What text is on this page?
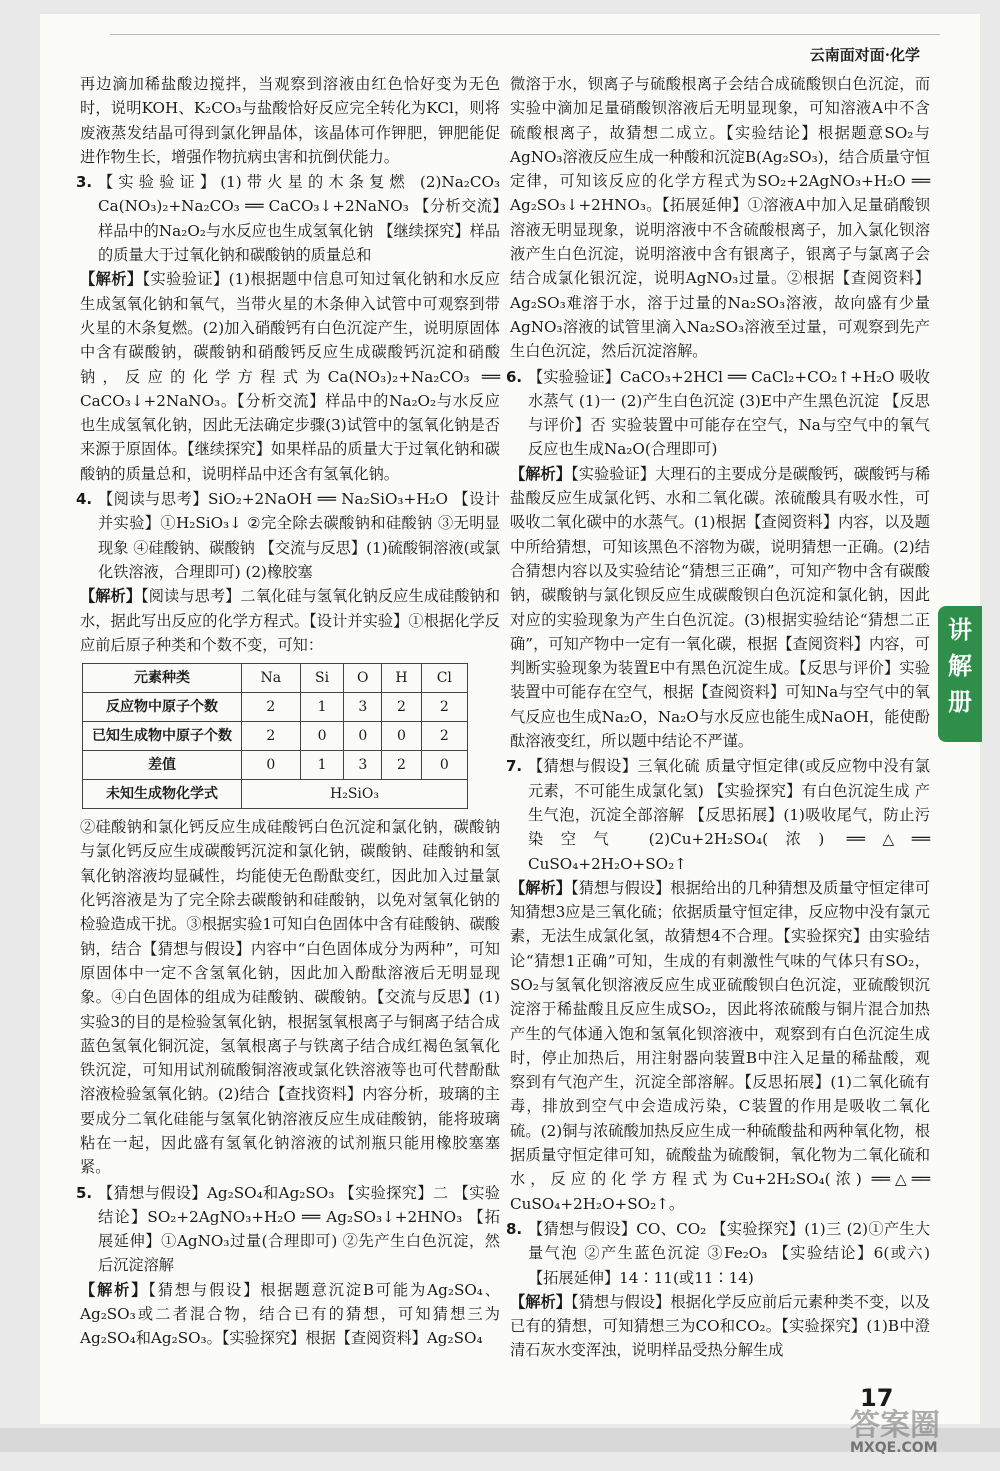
云南面对面·化学

再边滴加稀盐酸边搅拌，当观察到溶液由红色恰好变为无色时，说明KOH、K₂CO₃与盐酸恰好反应完全转化为KCl，则将废液蒸发结晶可得到氯化钾晶体，该晶体可作钾肥，钾肥能促进作物生长，增强作物抗病虫害和抗倒伏能力。

3. 【实验验证】(1)带火星的木条复燃 (2)Na₂CO₃ Ca(NO₃)₂+Na₂CO₃ ══ CaCO₃↓+2NaNO₃ 【分析交流】样品中的Na₂O₂与水反应也生成氢氧化钠 【继续探究】样品的质量大于过氧化钠和碳酸钠的质量总和

【解析】【实验验证】(1)根据题中信息可知过氧化钠和水反应生成氢氧化钠和氧气，当带火星的木条伸入试管中可观察到带火星的木条复燃。(2)加入硝酸钙有白色沉淀产生，说明原固体中含有碳酸钠，碳酸钠和硝酸钙反应生成碳酸钙沉淀和硝酸钠，反应的化学方程式为Ca(NO₃)₂+Na₂CO₃ ══ CaCO₃↓+2NaNO₃。【分析交流】样品中的Na₂O₂与水反应也生成氢氧化钠，因此无法确定步骤(3)试管中的氢氧化钠是否来源于原固体。【继续探究】如果样品的质量大于过氧化钠和碳酸钠的质量总和，说明样品中还含有氢氧化钠。

4. 【阅读与思考】SiO₂+2NaOH ══ Na₂SiO₃+H₂O 【设计并实验】①H₂SiO₃↓ ②完全除去碳酸钠和硅酸钠 ③无明显现象 ④硅酸钠、碳酸钠 【交流与反思】(1)硫酸铜溶液(或氯化铁溶液，合理即可) (2)橡胶塞

【解析】【阅读与思考】二氧化硅与氢氧化钠反应生成硅酸钠和水，据此写出反应的化学方程式。【设计并实验】①根据化学反应前后原子种类和个数不变，可知：

元素种类	Na	Si	O	H	Cl
反应物中原子个数	2	1	3	2	2
已知生成物中原子个数	2	0	0	0	2
差值	0	1	3	2	0
未知生成物化学式	H₂SiO₃				

②硅酸钠和氯化钙反应生成硅酸钙白色沉淀和氯化钠，碳酸钠与氯化钙反应生成碳酸钙沉淀和氯化钠，碳酸钠、硅酸钠和氢氧化钠溶液均显碱性，均能使无色酚酞变红，因此加入过量氯化钙溶液是为了完全除去碳酸钠和硅酸钠，以免对氢氧化钠的检验造成干扰。③根据实验1可知白色固体中含有硅酸钠、碳酸钠，结合【猜想与假设】内容中“白色固体成分为两种”，可知原固体中一定不含氢氧化钠，因此加入酚酞溶液后无明显现象。④白色固体的组成为硅酸钠、碳酸钠。【交流与反思】(1)实验3的目的是检验氢氧化钠，根据氢氧根离子与铜离子结合成蓝色氢氧化铜沉淀，氢氧根离子与铁离子结合成红褐色氢氧化铁沉淀，可知用试剂硫酸铜溶液或氯化铁溶液等也可代替酚酞溶液检验氢氧化钠。(2)结合【查找资料】内容分析，玻璃的主要成分二氧化硅能与氢氧化钠溶液反应生成硅酸钠，能将玻璃粘在一起，因此盛有氢氧化钠溶液的试剂瓶只能用橡胶塞塞紧。

5. 【猜想与假设】Ag₂SO₄和Ag₂SO₃ 【实验探究】二 【实验结论】SO₂+2AgNO₃+H₂O ══ Ag₂SO₃↓+2HNO₃ 【拓展延伸】①AgNO₃过量(合理即可) ②先产生白色沉淀，然后沉淀溶解

【解析】【猜想与假设】根据题意沉淀B可能为Ag₂SO₄、Ag₂SO₃或二者混合物，结合已有的猜想，可知猜想三为Ag₂SO₄和Ag₂SO₃。【实验探究】根据【查阅资料】Ag₂SO₄

微溶于水，钡离子与硫酸根离子会结合成硫酸钡白色沉淀，而实验中滴加足量硝酸钡溶液后无明显现象，可知溶液A中不含硫酸根离子，故猜想二成立。【实验结论】根据题意SO₂与AgNO₃溶液反应生成一种酸和沉淀B(Ag₂SO₃)，结合质量守恒定律，可知该反应的化学方程式为SO₂+2AgNO₃+H₂O ══ Ag₂SO₃↓+2HNO₃。【拓展延伸】①溶液A中加入足量硝酸钡溶液无明显现象，说明溶液中不含硫酸根离子，加入氯化钡溶液产生白色沉淀，说明溶液中含有银离子，银离子与氯离子会结合成氯化银沉淀，说明AgNO₃过量。②根据【查阅资料】Ag₂SO₃难溶于水，溶于过量的Na₂SO₃溶液，故向盛有少量AgNO₃溶液的试管里滴入Na₂SO₃溶液至过量，可观察到先产生白色沉淀，然后沉淀溶解。

6. 【实验验证】CaCO₃+2HCl ══ CaCl₂+CO₂↑+H₂O 吸收水蒸气 (1)一 (2)产生白色沉淀 (3)E中产生黑色沉淀 【反思与评价】否 实验装置中可能存在空气，Na与空气中的氧气反应也生成Na₂O(合理即可)

【解析】【实验验证】大理石的主要成分是碳酸钙，碳酸钙与稀盐酸反应生成氯化钙、水和二氧化碳。浓硫酸具有吸水性，可吸收二氧化碳中的水蒸气。(1)根据【查阅资料】内容，以及题中所给猜想，可知该黑色不溶物为碳，说明猜想一正确。(2)结合猜想内容以及实验结论“猜想三正确”，可知产物中含有碳酸钠，碳酸钠与氯化钡反应生成碳酸钡白色沉淀和氯化钠，因此对应的实验现象为产生白色沉淀。(3)根据实验结论“猜想二正确”，可知产物中一定有一氧化碳，根据【查阅资料】内容，可判断实验现象为装置E中有黑色沉淀生成。【反思与评价】实验装置中可能存在空气，根据【查阅资料】可知Na与空气中的氧气反应也生成Na₂O，Na₂O与水反应也能生成NaOH，能使酚酞溶液变红，所以题中结论不严谨。

7. 【猜想与假设】三氧化硫 质量守恒定律(或反应物中没有氯元素，不可能生成氯化氢) 【实验探究】有白色沉淀生成 产生气泡，沉淀全部溶解 【反思拓展】(1)吸收尾气，防止污染空气 (2)Cu+2H₂SO₄(浓) ══△══ CuSO₄+2H₂O+SO₂↑

【解析】【猜想与假设】根据给出的几种猜想及质量守恒定律可知猜想3应是三氧化硫；依据质量守恒定律，反应物中没有氯元素，无法生成氯化氢，故猜想4不合理。【实验探究】由实验结论“猜想1正确”可知，生成的有刺激性气味的气体只有SO₂，SO₂与氢氧化钡溶液反应生成亚硫酸钡白色沉淀，亚硫酸钡沉淀溶于稀盐酸且反应生成SO₂，因此将浓硫酸与铜片混合加热产生的气体通入饱和氢氧化钡溶液中，观察到有白色沉淀生成时，停止加热后，用注射器向装置B中注入足量的稀盐酸，观察到有气泡产生，沉淀全部溶解。【反思拓展】(1)二氧化硫有毒，排放到空气中会造成污染，C装置的作用是吸收二氧化硫。(2)铜与浓硫酸加热反应生成一种硫酸盐和两种氧化物，根据质量守恒定律可知，硫酸盐为硫酸铜，氧化物为二氧化硫和水，反应的化学方程式为Cu+2H₂SO₄(浓) ══△══ CuSO₄+2H₂O+SO₂↑。

8. 【猜想与假设】CO、CO₂ 【实验探究】(1)三 (2)①产生大量气泡 ②产生蓝色沉淀 ③Fe₂O₃ 【实验结论】6(或六) 【拓展延伸】14∶11(或11∶14)

【解析】【猜想与假设】根据化学反应前后元素种类不变，以及已有的猜想，可知猜想三为CO和CO₂。【实验探究】(1)B中澄清石灰水变浑浊，说明样品受热分解生成

讲解册
17
答案圈
MXQE.COM
